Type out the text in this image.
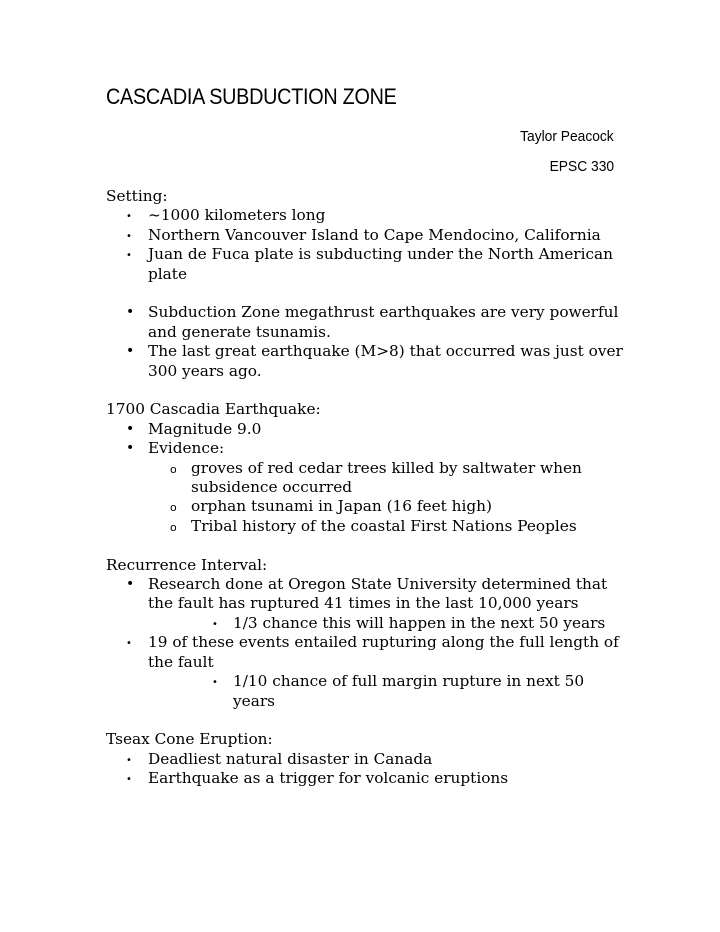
CASCADIA SUBDUCTION ZONE
Taylor Peacock
EPSC 330

Setting:

• ~1000 kilometers long
• Northern Vancouver Island to Cape Mendocino, California
• Juan de Fuca plate is subducting under the North American plate
• Subduction Zone megathrust earthquakes are very powerful and generate tsunamis.
• The last great earthquake (M>8) that occurred was just over 300 years ago.

1700 Cascadia Earthquake:

• Magnitude 9.0
• Evidence:
o groves of red cedar trees killed by saltwater when subsidence occurred
o orphan tsunami in Japan (16 feet high)
o Tribal history of the coastal First Nations Peoples

Recurrence Interval:

• Research done at Oregon State University determined that the fault has ruptured 41 times in the last 10,000 years
• 1/3 chance this will happen in the next 50 years
• 19 of these events entailed rupturing along the full length of the fault
• 1/10 chance of full margin rupture in next 50 years

Tseax Cone Eruption:

• Deadliest natural disaster in Canada
• Earthquake as a trigger for volcanic eruptions
